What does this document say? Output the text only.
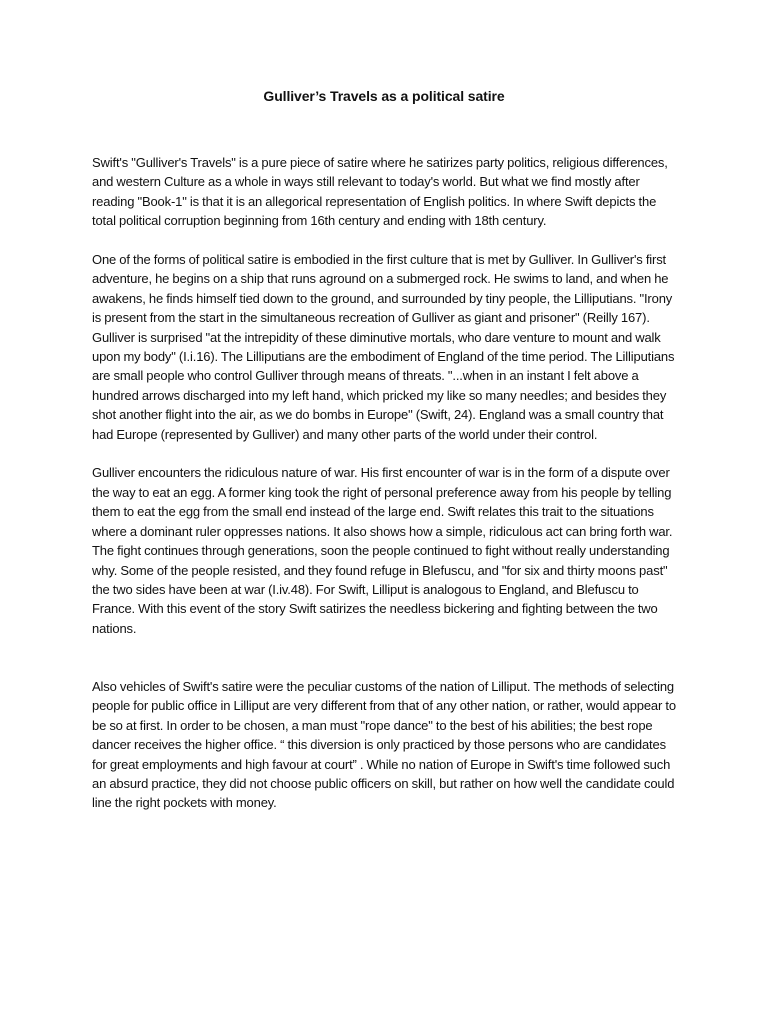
Gulliver’s Travels as a political satire

Swift's "Gulliver's Travels" is a pure piece of satire where he satirizes party politics, religious differences, and western Culture as a whole in ways still relevant to today's world. But what we find mostly after reading "Book-1" is that it is an allegorical representation of English politics. In where Swift depicts the total political corruption beginning from 16th century and ending with 18th century.

One of the forms of political satire is embodied in the first culture that is met by Gulliver. In Gulliver's first adventure, he begins on a ship that runs aground on a submerged rock. He swims to land, and when he awakens, he finds himself tied down to the ground, and surrounded by tiny people, the Lilliputians. "Irony is present from the start in the simultaneous recreation of Gulliver as giant and prisoner" (Reilly 167). Gulliver is surprised "at the intrepidity of these diminutive mortals, who dare venture to mount and walk upon my body" (I.i.16). The Lilliputians are the embodiment of England of the time period. The Lilliputians are small people who control Gulliver through means of threats. "...when in an instant I felt above a hundred arrows discharged into my left hand, which pricked my like so many needles; and besides they shot another flight into the air, as we do bombs in Europe" (Swift, 24). England was a small country that had Europe (represented by Gulliver) and many other parts of the world under their control.

Gulliver encounters the ridiculous nature of war. His first encounter of war is in the form of a dispute over the way to eat an egg. A former king took the right of personal preference away from his people by telling them to eat the egg from the small end instead of the large end. Swift relates this trait to the situations where a dominant ruler oppresses nations. It also shows how a simple, ridiculous act can bring forth war. The fight continues through generations, soon the people continued to fight without really understanding why. Some of the people resisted, and they found refuge in Blefuscu, and "for six and thirty moons past" the two sides have been at war (I.iv.48). For Swift, Lilliput is analogous to England, and Blefuscu to France. With this event of the story Swift satirizes the needless bickering and fighting between the two nations.

Also vehicles of Swift's satire were the peculiar customs of the nation of Lilliput. The methods of selecting people for public office in Lilliput are very different from that of any other nation, or rather, would appear to be so at first. In order to be chosen, a man must "rope dance" to the best of his abilities; the best rope dancer receives the higher office. “ this diversion is only practiced by those persons who are candidates for great employments and high favour at court” . While no nation of Europe in Swift's time followed such an absurd practice, they did not choose public officers on skill, but rather on how well the candidate could line the right pockets with money.
